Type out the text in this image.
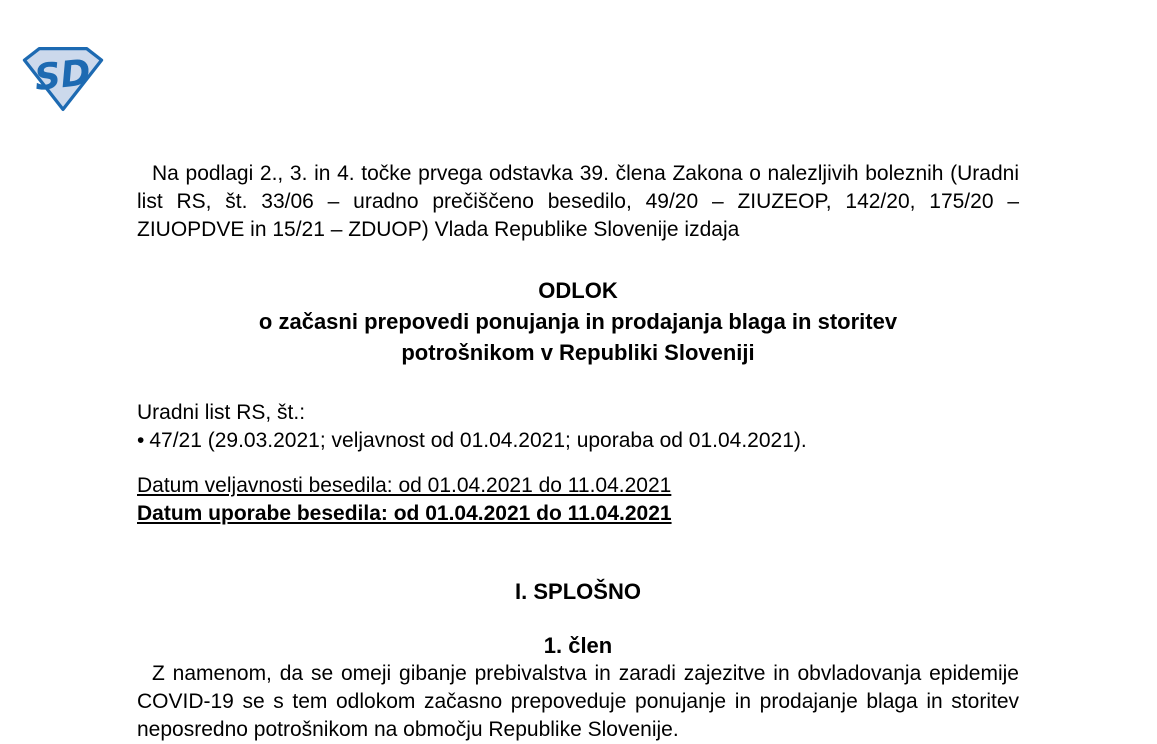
SD

Na podlagi 2., 3. in 4. točke prvega odstavka 39. člena Zakona o nalezljivih boleznih (Uradni list RS, št. 33/06 – uradno prečiščeno besedilo, 49/20 – ZIUZEOP, 142/20, 175/20 – ZIUOPDVE in 15/21 – ZDUOP) Vlada Republike Slovenije izdaja

ODLOK
o začasni prepovedi ponujanja in prodajanja blaga in storitev
potrošnikom v Republiki Sloveniji
Uradni list RS, št.:
• 47/21 (29.03.2021; veljavnost od 01.04.2021; uporaba od 01.04.2021).
Datum veljavnosti besedila: od 01.04.2021 do 11.04.2021
Datum uporabe besedila: od 01.04.2021 do 11.04.2021
I. SPLOŠNO
1. člen

Z namenom, da se omeji gibanje prebivalstva in zaradi zajezitve in obvladovanja epidemije COVID-19 se s tem odlokom začasno prepoveduje ponujanje in prodajanje blaga in storitev neposredno potrošnikom na območju Republike Slovenije.
